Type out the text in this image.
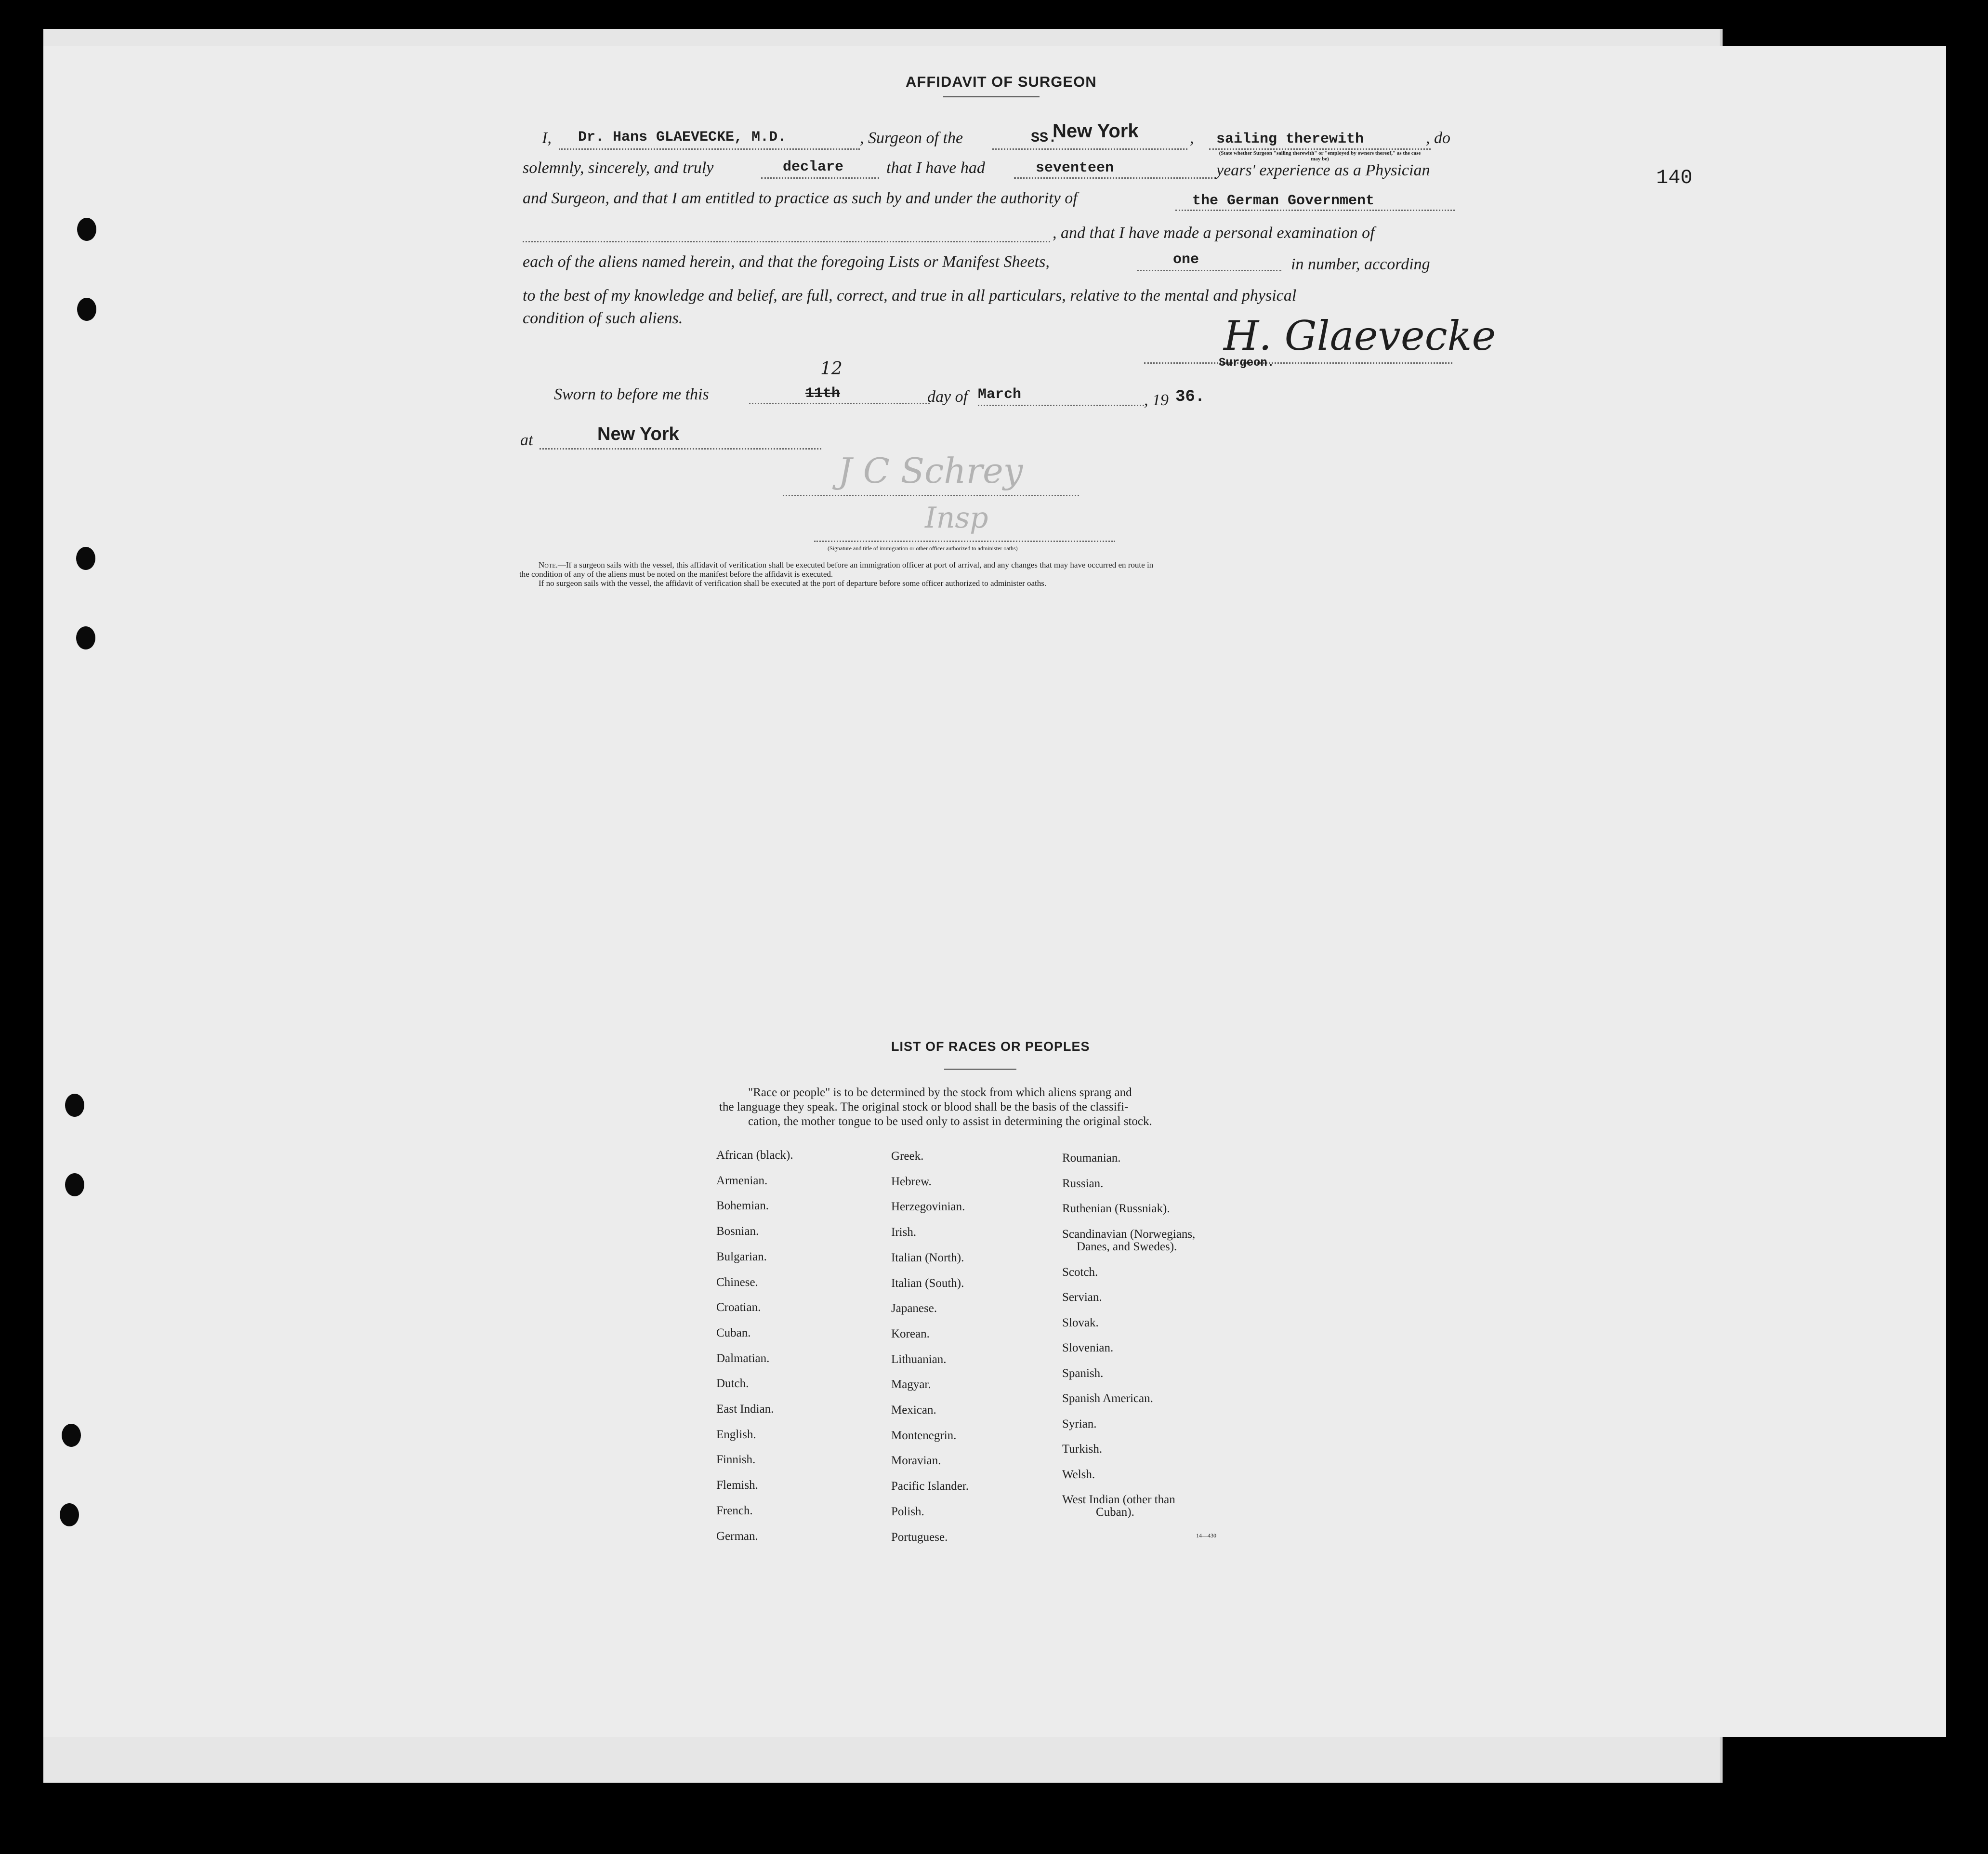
140
AFFIDAVIT OF SURGEON
I, Dr. Hans GLAEVECKE, M.D.	, Surgeon of the	SS.
New York	, sailing therewith	, do
(State whether Surgeon "sailing therewith" or "employed by owners thereof," as the case may be)
solemnly, sincerely, and truly	declare	that I have had	seventeen	years' experience as a Physician
and Surgeon, and that I am entitled to practice as such by and under the authority of	the German Government
, and that I have made a personal examination of
each of the aliens named herein, and that the foregoing Lists or Manifest Sheets,	one	in number, according
to the best of my knowledge and belief, are full, correct, and true in all particulars, relative to the mental and physical
condition of such aliens.	H. Glaevecke
Surgeon.
Sworn to before me this	11th
12
day of March	, 19 36.
at	New York
J C Schrey
Insp
(Signature and title of immigration or other officer authorized to administer oaths)
Note.—If a surgeon sails with the vessel, this affidavit of verification shall be executed before an immigration officer at port of arrival, and any changes that may have occurred en route in
the condition of any of the aliens must be noted on the manifest before the affidavit is executed.
If no surgeon sails with the vessel, the affidavit of verification shall be executed at the port of departure before some officer authorized to administer oaths.
LIST OF RACES OR PEOPLES
"Race or people" is to be determined by the stock from which aliens sprang and
the language they speak. The original stock or blood shall be the basis of the classifi-
cation, the mother tongue to be used only to assist in determining the original stock.
African (black).
Armenian.
Bohemian.
Bosnian.
Bulgarian.
Chinese.
Croatian.
Cuban.
Dalmatian.
Dutch.
East Indian.
English.
Finnish.
Flemish.
French.
German.
Greek.
Hebrew.
Herzegovinian.
Irish.
Italian (North).
Italian (South).
Japanese.
Korean.
Lithuanian.
Magyar.
Mexican.
Montenegrin.
Moravian.
Pacific Islander.
Polish.
Portuguese.
Roumanian.
Russian.
Ruthenian (Russniak).
Scandinavian (Norwegians,
Danes, and Swedes).
Scotch.
Servian.
Slovak.
Slovenian.
Spanish.
Spanish American.
Syrian.
Turkish.
Welsh.
West Indian (other than
Cuban).
14—430
